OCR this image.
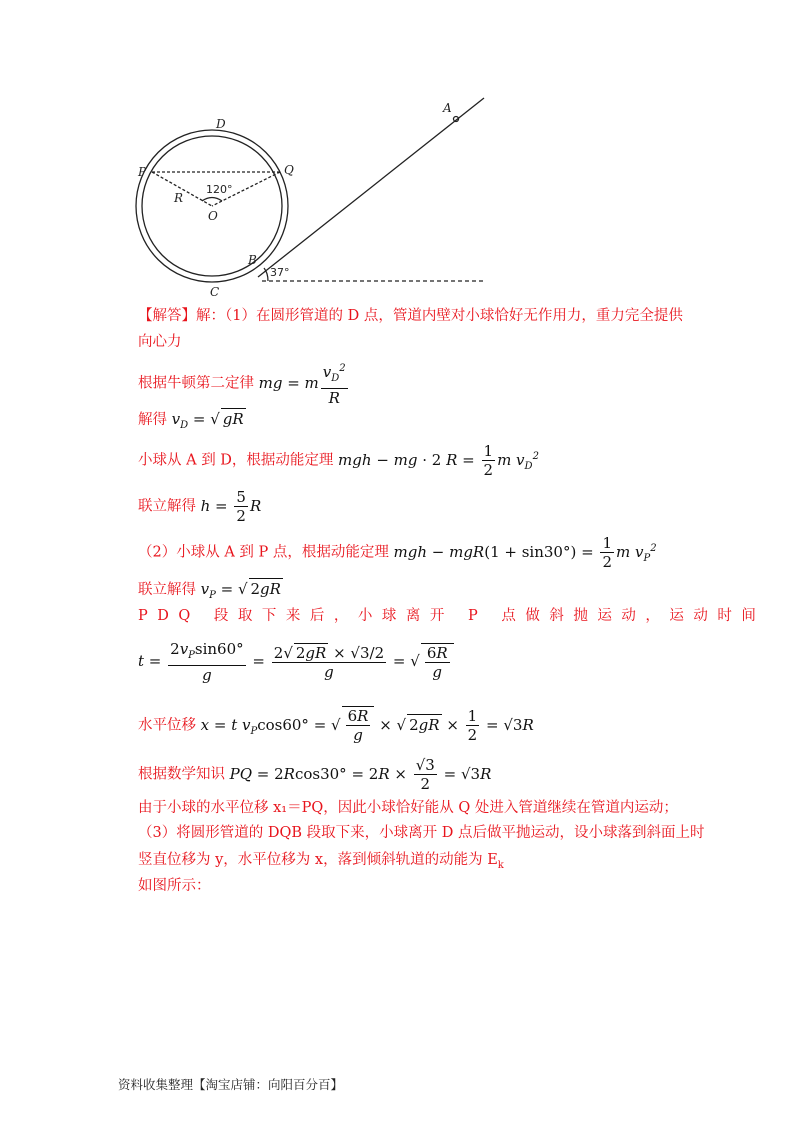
A
D
P	Q
R
O
B
C
120°
37°
【解答】解：（1）在圆形管道的 D 点，管道内壁对小球恰好无作用力，重力完全提供
向心力
根据牛顿第二定律 mg = m $\frac{v_D^2}{R}$
解得 $v_D$ = √ gR
小球从 A 到 D，根据动能定理 mgh − mg · 2 $R = \frac{1}{2}$ m $v_D^2$
联立解得 $h = \frac{5}{2}$ R
（2）小球从 A 到 P 点，根据动能定理 mgh − $mgR(1 + \sin 30^\circ) = \frac{1}{2}$ m $v_P^2$
联立解得 $v_P$ = √ 2gR
PDQ 段取下来后，小球离开 P 点做斜抛运动，运动时间
$t = \frac{2v_P\sin 60^\circ}{g} = \frac{2√ 2gR \times √3/2}{g}$ = √ $\frac{6R}{g}$
水平位移 x = t $v_P\cos 60^\circ$ = √ $\frac{6R}{g}$ × √ $2gR \times \frac{1}{2} = √3R$
根据数学知识 PQ = $2Rcos30^\circ = 2R \times \frac{√3}{2} = √3R$
由于小球的水平位移 x₁＝PQ，因此小球恰好能从 Q 处进入管道继续在管道内运动；
（3）将圆形管道的 DQB 段取下来，小球离开 D 点后做平抛运动，设小球落到斜面上时
竖直位移为 y，水平位移为 x，落到倾斜轨道的动能为 $E_k$
如图所示：
资料收集整理【淘宝店铺：向阳百分百】
